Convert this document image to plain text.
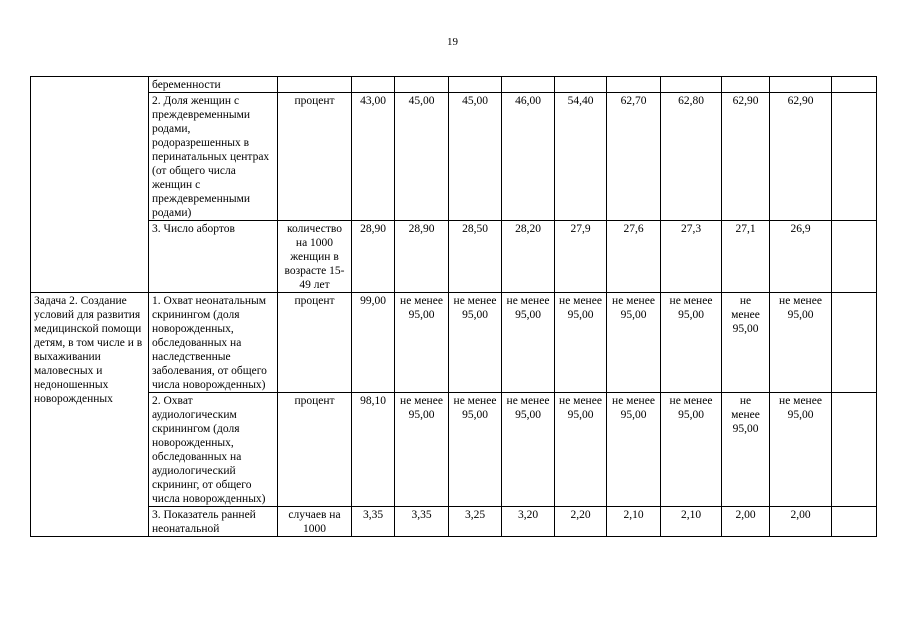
19
	беременности											
	2. Доля женщин с преждевременными родами, родоразрешенных в перинатальных центрах (от общего числа женщин с преждевременными родами)	процент	43,00	45,00	45,00	46,00	54,40	62,70	62,80	62,90	62,90	
	3. Число абортов	количество на 1000 женщин в возрасте 15-49 лет	28,90	28,90	28,50	28,20	27,9	27,6	27,3	27,1	26,9	
Задача 2. Создание условий для развития медицинской помощи детям, в том числе и в выхаживании маловесных и недоношенных новорожденных	1. Охват неонатальным скринингом (доля новорожденных, обследованных на наследственные заболевания, от общего числа новорожденных)	процент	99,00	не менее 95,00	не менее 95,00	не менее 95,00	не менее 95,00	не менее 95,00	не менее 95,00	не менее 95,00	не менее 95,00	
	2. Охват аудиологическим скринингом (доля новорожденных, обследованных на аудиологический скрининг, от общего числа новорожденных)	процент	98,10	не менее 95,00	не менее 95,00	не менее 95,00	не менее 95,00	не менее 95,00	не менее 95,00	не менее 95,00	не менее 95,00	
	3. Показатель ранней неонатальной	случаев на 1000	3,35	3,35	3,25	3,20	2,20	2,10	2,10	2,00	2,00	
